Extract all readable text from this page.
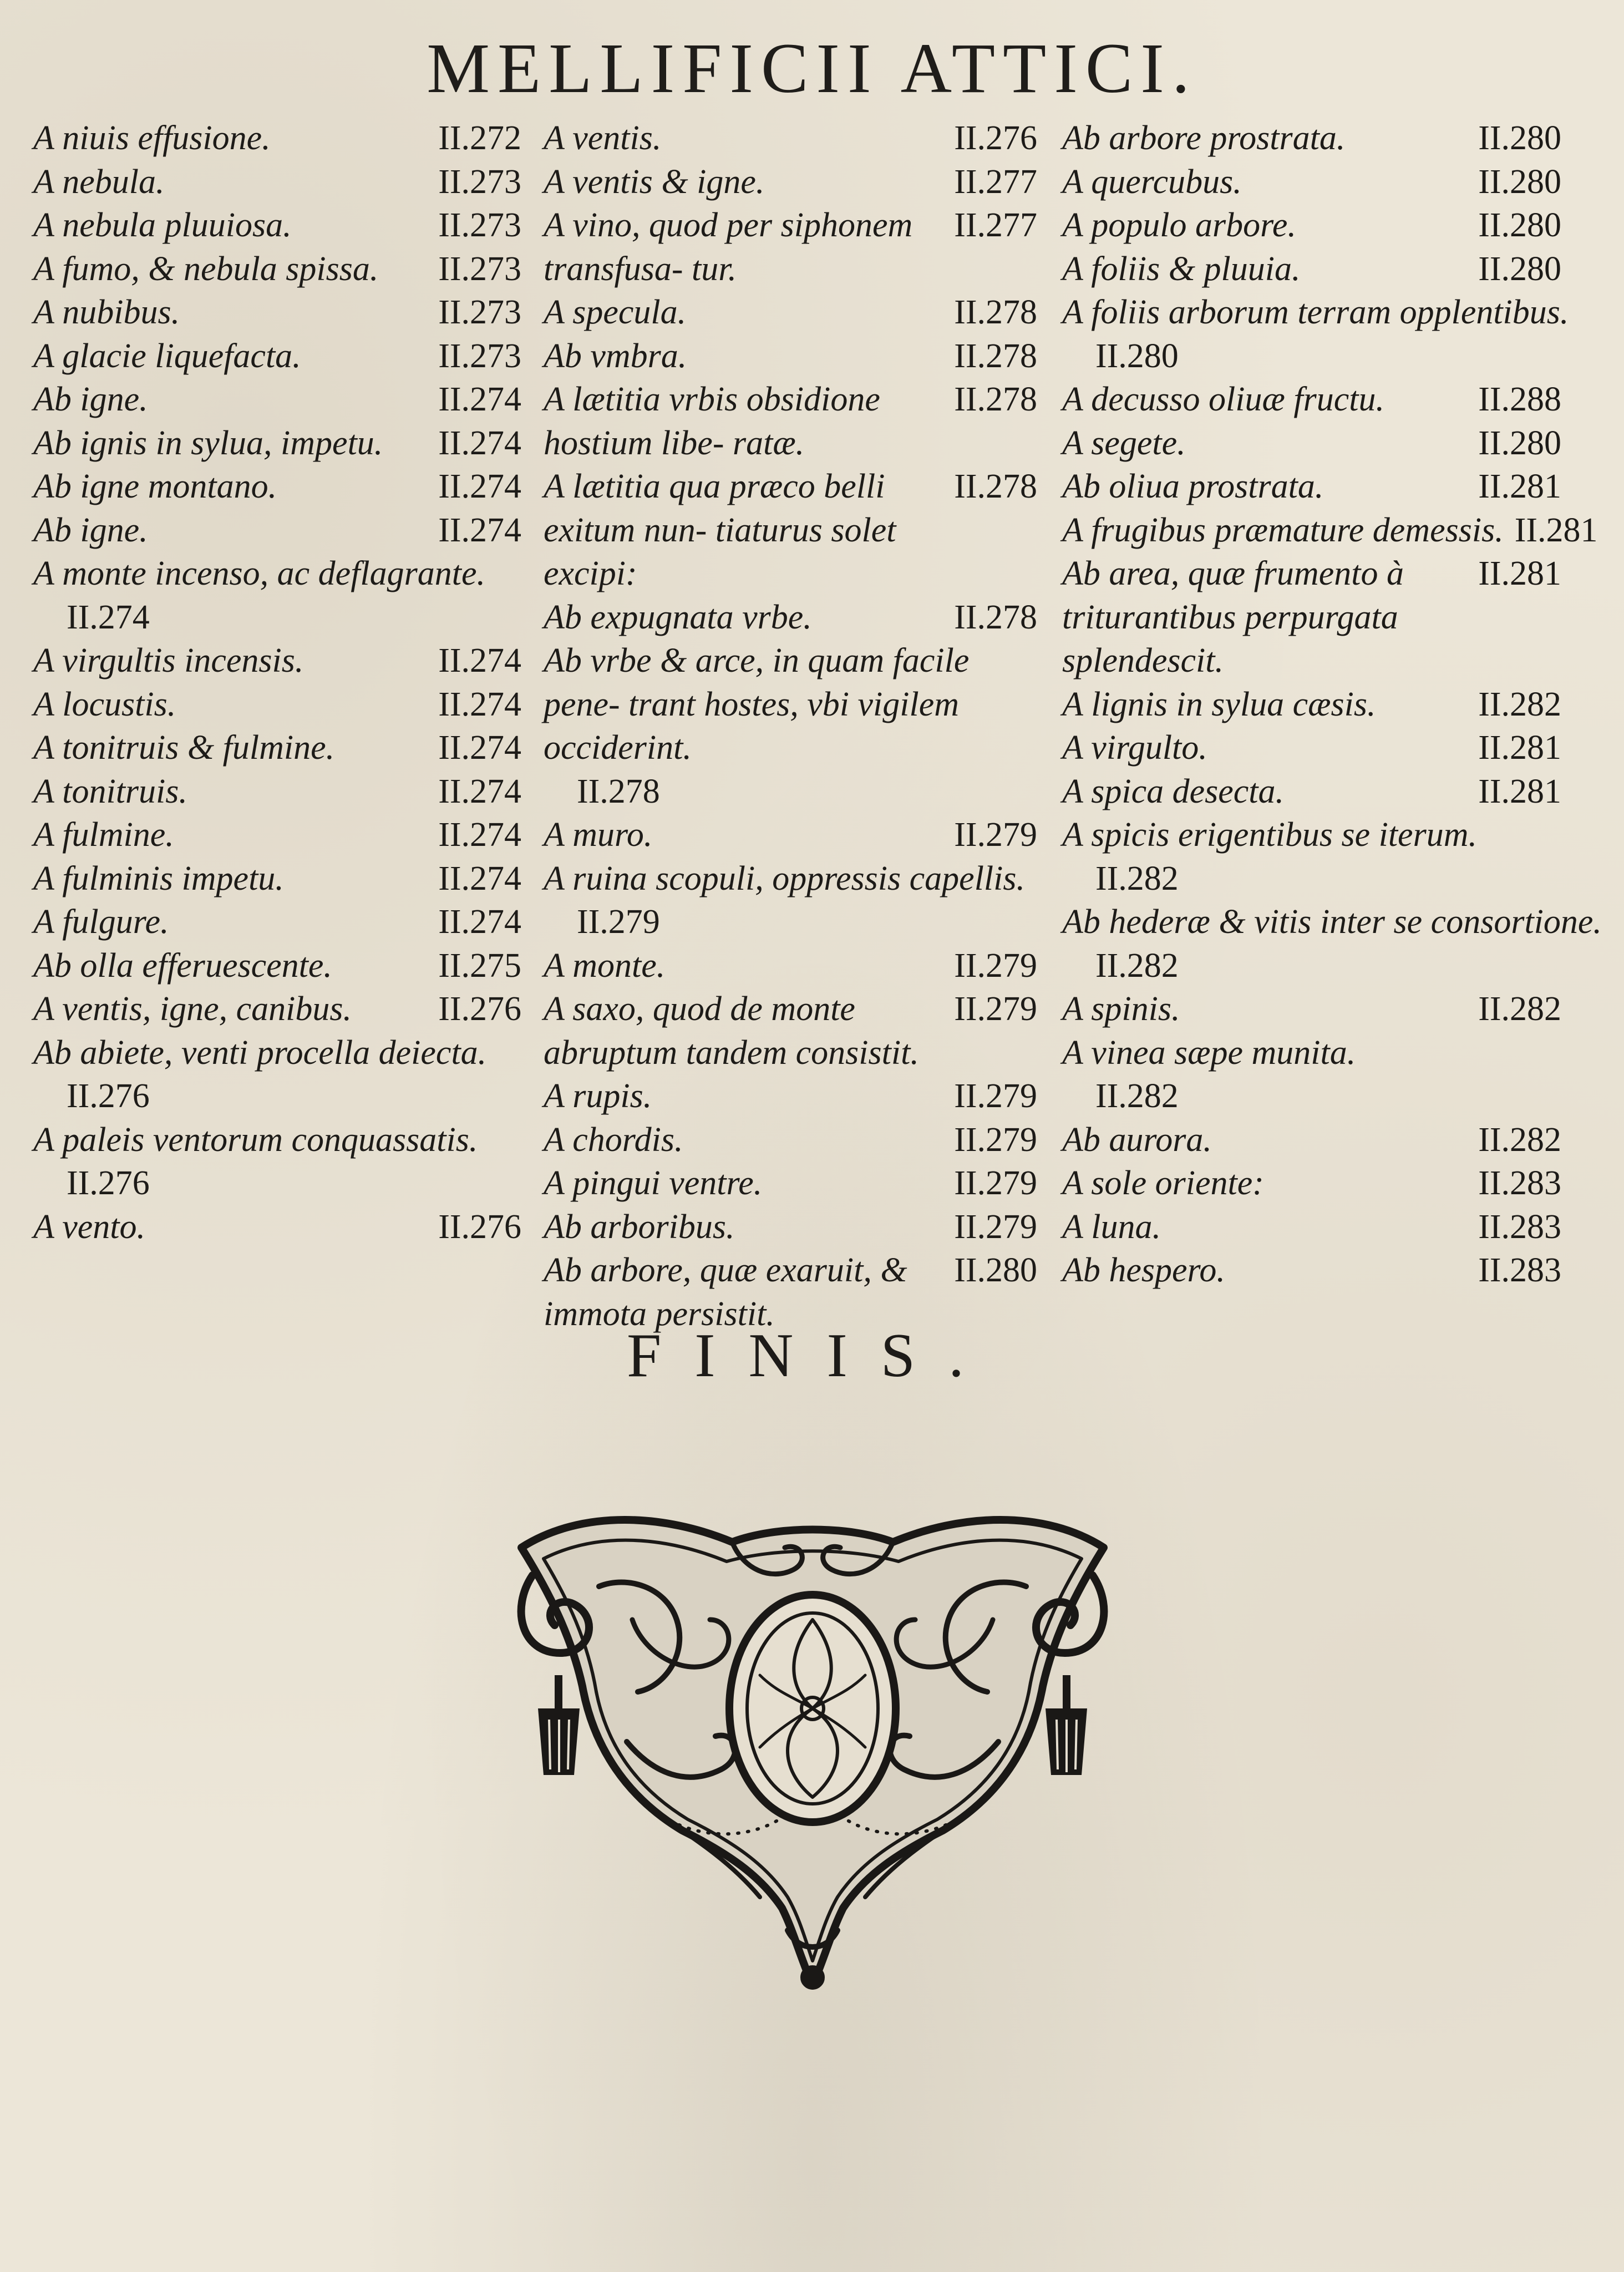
MELLIFICII ATTICI.
A niuis effusione.	II.272
A nebula.	II.273
A nebula pluuiosa.	II.273
A fumo, & nebula spissa.	II.273
A nubibus.	II.273
A glacie liquefacta.	II.273
Ab igne.	II.274
Ab ignis in sylua, impetu.	II.274
Ab igne montano.	II.274
Ab igne.	II.274
A monte incenso, ac deflagrante.
II.274
A virgultis incensis.	II.274
A locustis.	II.274
A tonitruis & fulmine.	II.274
A tonitruis.	II.274
A fulmine.	II.274
A fulminis impetu.	II.274
A fulgure.	II.274
Ab olla efferuescente.	II.275
A ventis, igne, canibus.	II.276
Ab abiete, venti procella deiecta.
II.276
A paleis ventorum conquassatis.
II.276
A vento.	II.276
A ventis.	II.276
A ventis & igne.	II.277
A vino, quod per siphonem transfusa- tur.
II.277
A specula.	II.278
Ab vmbra.	II.278
A lætitia vrbis obsidione hostium libe- ratæ.
II.278
A lætitia qua præco belli exitum nun- tiaturus solet excipi:
II.278
Ab expugnata vrbe.	II.278
Ab vrbe & arce, in quam facile pene- trant hostes, vbi vigilem occiderint.
II.278
A muro.	II.279
A ruina scopuli, oppressis capellis.
II.279
A monte.	II.279
A saxo, quod de monte abruptum tandem consistit.
II.279
A rupis.	II.279
A chordis.	II.279
A pingui ventre.	II.279
Ab arboribus.	II.279
Ab arbore, quæ exaruit, & immota persistit.
II.280
Ab arbore prostrata.	II.280
A quercubus.	II.280
A populo arbore.	II.280
A foliis & pluuia.	II.280
A foliis arborum terram opplentibus.
II.280
A decusso oliuæ fructu.	II.288
A segete.	II.280
Ab oliua prostrata.	II.281
A frugibus præmature demessis. II.281
Ab area, quæ frumento à triturantibus perpurgata splendescit.
II.281
A lignis in sylua cæsis.	II.282
A virgulto.	II.281
A spica desecta.	II.281
A spicis erigentibus se iterum.
II.282
Ab hederæ & vitis inter se consortione.
II.282
A spinis.	II.282
A vinea sæpe munita.
II.282
Ab aurora.	II.282
A sole oriente:	II.283
A luna.	II.283
Ab hespero.	II.283
FINIS.
